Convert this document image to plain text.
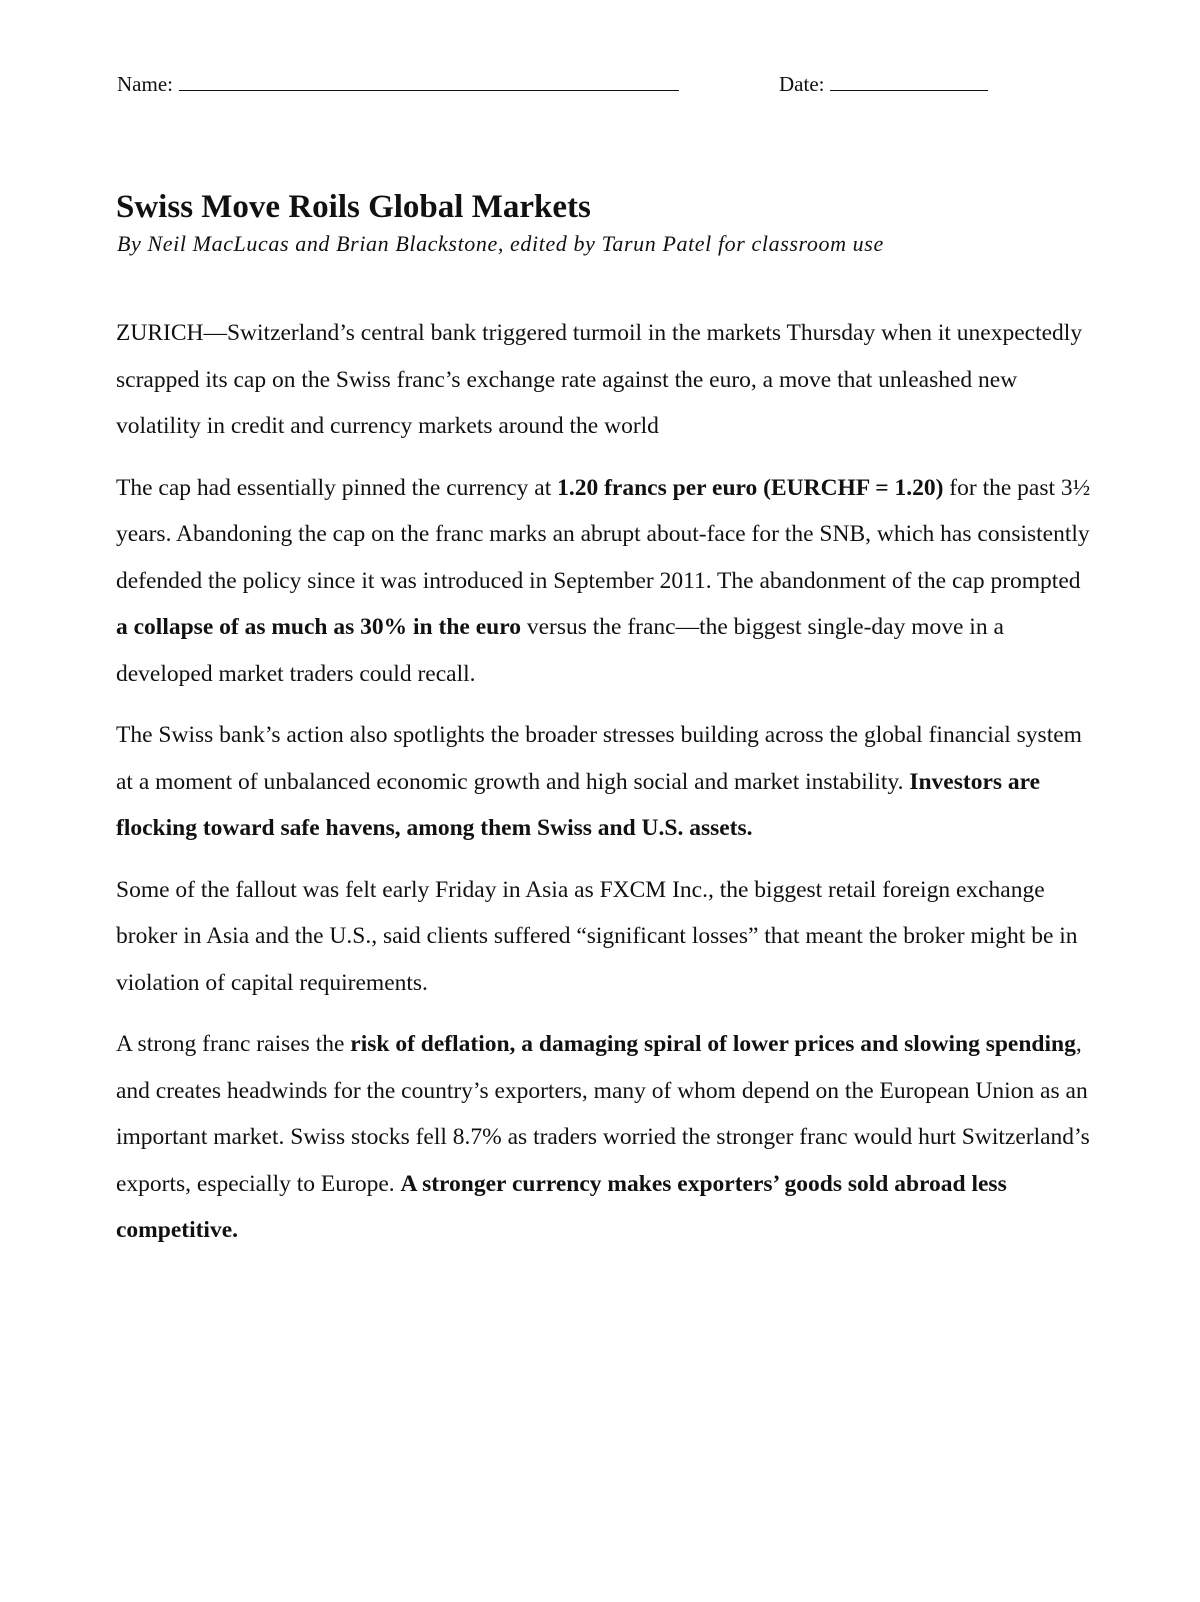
Name:	Date:
Swiss Move Roils Global Markets

By Neil MacLucas and Brian Blackstone, edited by Tarun Patel for classroom use

ZURICH—Switzerland’s central bank triggered turmoil in the markets Thursday when it unexpectedly scrapped its cap on the Swiss franc’s exchange rate against the euro, a move that unleashed new volatility in credit and currency markets around the world

The cap had essentially pinned the currency at 1.20 francs per euro (EURCHF = 1.20) for the past 3½ years. Abandoning the cap on the franc marks an abrupt about-face for the SNB, which has consistently defended the policy since it was introduced in September 2011. The abandonment of the cap prompted a collapse of as much as 30% in the euro versus the franc—the biggest single-day move in a developed market traders could recall.

The Swiss bank’s action also spotlights the broader stresses building across the global financial system at a moment of unbalanced economic growth and high social and market instability. Investors are flocking toward safe havens, among them Swiss and U.S. assets.

Some of the fallout was felt early Friday in Asia as FXCM Inc., the biggest retail foreign exchange broker in Asia and the U.S., said clients suffered “significant losses” that meant the broker might be in violation of capital requirements.

A strong franc raises the risk of deflation, a damaging spiral of lower prices and slowing spending, and creates headwinds for the country’s exporters, many of whom depend on the European Union as an important market. Swiss stocks fell 8.7% as traders worried the stronger franc would hurt Switzerland’s exports, especially to Europe. A stronger currency makes exporters’ goods sold abroad less competitive.
